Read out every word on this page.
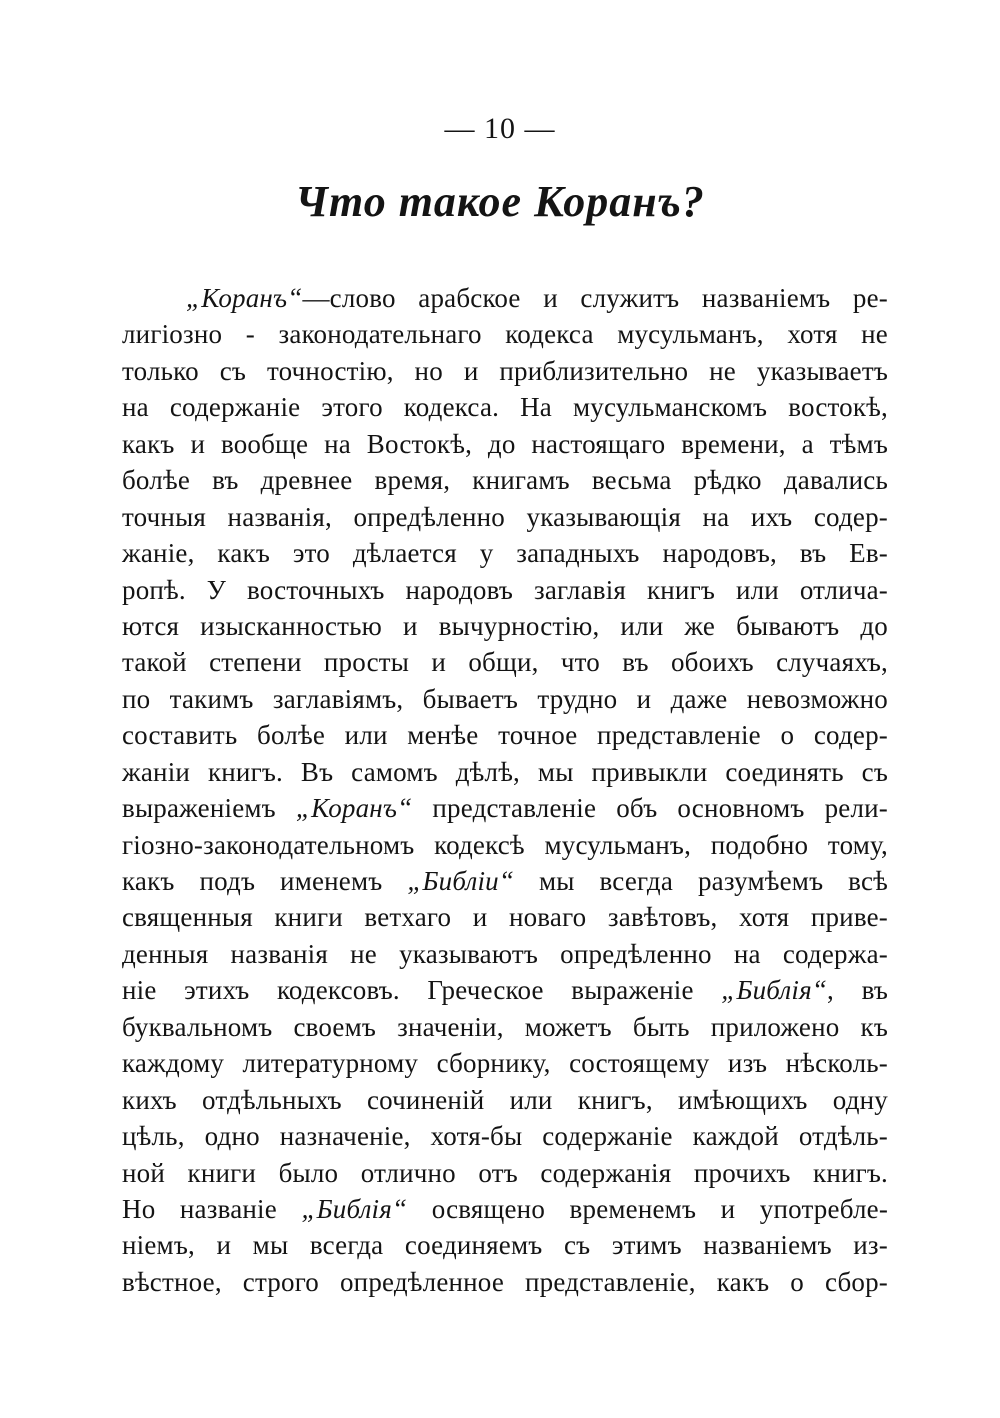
— 10 —
Что такое Коранъ?
„Коранъ“—слово арабское и служитъ названіемъ ре-
лигіозно - законодательнаго кодекса мусульманъ, хотя не
только съ точностію, но и приблизительно не указываетъ
на содержаніе этого кодекса. На мусульманскомъ востокѣ,
какъ и вообще на Востокѣ, до настоящаго времени, а тѣмъ
болѣе въ древнее время, книгамъ весьма рѣдко давались
точныя названія, опредѣленно указывающія на ихъ содер-
жаніе, какъ это дѣлается у западныхъ народовъ, въ Ев-
ропѣ. У восточныхъ народовъ заглавія книгъ или отлича-
ются изысканностью и вычурностію, или же бываютъ до
такой степени просты и общи, что въ обоихъ случаяхъ,
по такимъ заглавіямъ, бываетъ трудно и даже невозможно
составить болѣе или менѣе точное представленіе о содер-
жаніи книгъ. Въ самомъ дѣлѣ, мы привыкли соединять съ
выраженіемъ „Коранъ“ представленіе объ основномъ рели-
гіозно-законодательномъ кодексѣ мусульманъ, подобно тому,
какъ подъ именемъ „Библіи“ мы всегда разумѣемъ всѣ
священныя книги ветхаго и новаго завѣтовъ, хотя приве-
денныя названія не указываютъ опредѣленно на содержа-
ніе этихъ кодексовъ. Греческое выраженіе „Библія“, въ
буквальномъ своемъ значеніи, можетъ быть приложено къ
каждому литературному сборнику, состоящему изъ нѣсколь-
кихъ отдѣльныхъ сочиненій или книгъ, имѣющихъ одну
цѣль, одно назначеніе, хотя-бы содержаніе каждой отдѣль-
ной книги было отлично отъ содержанія прочихъ книгъ.
Но названіе „Библія“ освящено временемъ и употребле-
ніемъ, и мы всегда соединяемъ съ этимъ названіемъ из-
вѣстное, строго опредѣленное представленіе, какъ о сбор-
